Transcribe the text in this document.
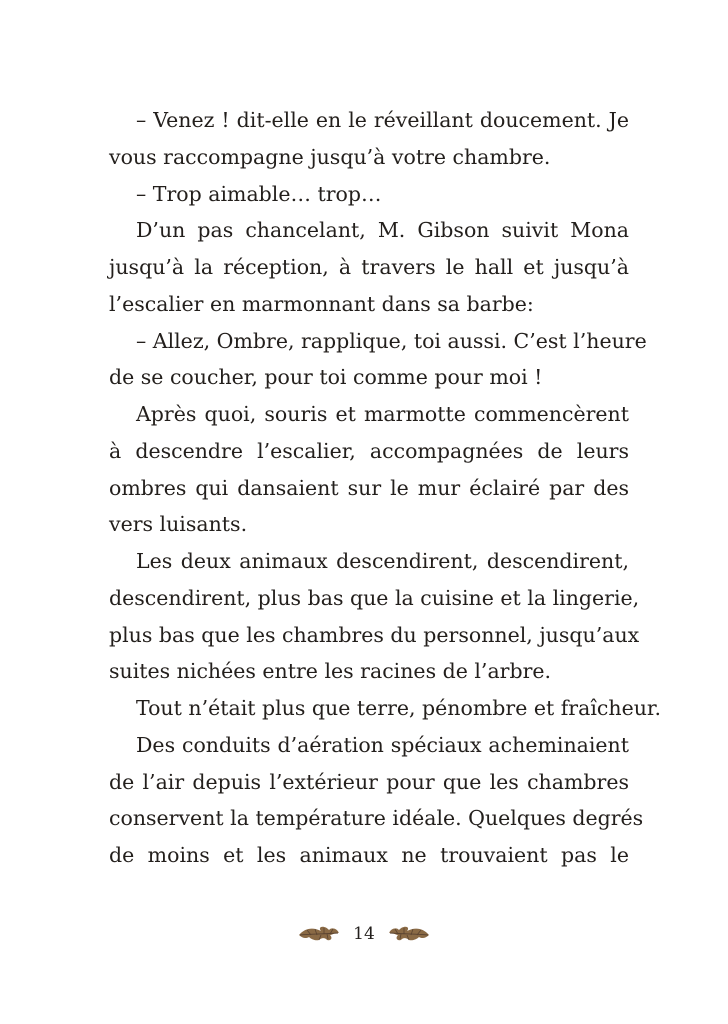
– Venez ! dit-elle en le réveillant doucement. Je
vous raccompagne jusqu’à votre chambre.
– Trop aimable… trop…
D’un pas chancelant, M. Gibson suivit Mona
jusqu’à la réception, à travers le hall et jusqu’à
l’escalier en marmonnant dans sa barbe:
– Allez, Ombre, rapplique, toi aussi. C’est l’heure
de se coucher, pour toi comme pour moi !
Après quoi, souris et marmotte commencèrent
à descendre l’escalier, accompagnées de leurs
ombres qui dansaient sur le mur éclairé par des
vers luisants.
Les deux animaux descendirent, descendirent,
descendirent, plus bas que la cuisine et la lingerie,
plus bas que les chambres du personnel, jusqu’aux
suites nichées entre les racines de l’arbre.
Tout n’était plus que terre, pénombre et fraîcheur.
Des conduits d’aération spéciaux acheminaient
de l’air depuis l’extérieur pour que les chambres
conservent la température idéale. Quelques degrés
de moins et les animaux ne trouvaient pas le
14
